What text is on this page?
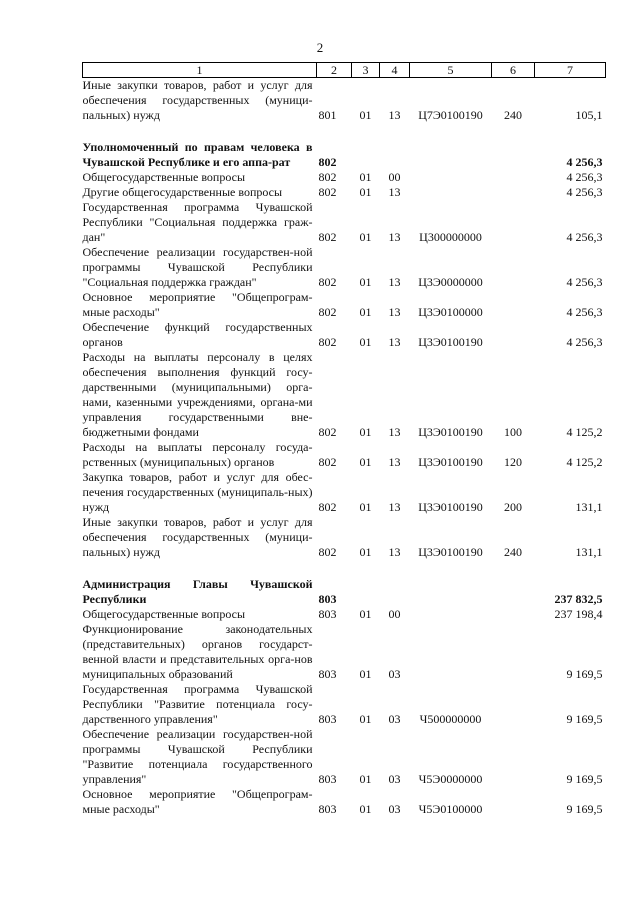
2
1	2	3	4	5	6	7
Иные закупки товаров, работ и услуг для обеспечения государственных (муници-пальных) нужд	801	01	13	Ц7Э0100190	240	105,1

Уполномоченный по правам человека в Чувашской Республике и его аппа-рат	802					4 256,3
Общегосударственные вопросы	802	01	00			4 256,3
Другие общегосударственные вопросы	802	01	13			4 256,3
Государственная программа Чувашской Республики "Социальная поддержка граж-дан"	802	01	13	Ц300000000		4 256,3
Обеспечение реализации государствен-ной программы Чувашской Республики "Социальная поддержка граждан"	802	01	13	Ц3Э0000000		4 256,3
Основное мероприятие "Общепрограм-мные расходы"	802	01	13	Ц3Э0100000		4 256,3
Обеспечение функций государственных органов	802	01	13	Ц3Э0100190		4 256,3
Расходы на выплаты персоналу в целях обеспечения выполнения функций госу-дарственными (муниципальными) орга-нами, казенными учреждениями, органа-ми управления государственными вне-бюджетными фондами	802	01	13	Ц3Э0100190	100	4 125,2
Расходы на выплаты персоналу госуда-рственных (муниципальных) органов	802	01	13	Ц3Э0100190	120	4 125,2
Закупка товаров, работ и услуг для обес-печения государственных (муниципаль-ных) нужд	802	01	13	Ц3Э0100190	200	131,1
Иные закупки товаров, работ и услуг для обеспечения государственных (муници-пальных) нужд	802	01	13	Ц3Э0100190	240	131,1

Администрация Главы Чувашской Республики	803					237 832,5
Общегосударственные вопросы	803	01	00			237 198,4
Функционирование законодательных (представительных) органов государст-венной власти и представительных орга-нов муниципальных образований	803	01	03			9 169,5
Государственная программа Чувашской Республики "Развитие потенциала госу-дарственного управления"	803	01	03	Ч500000000		9 169,5
Обеспечение реализации государствен-ной программы Чувашской Республики "Развитие потенциала государственного управления"	803	01	03	Ч5Э0000000		9 169,5
Основное мероприятие "Общепрограм-мные расходы"	803	01	03	Ч5Э0100000		9 169,5
